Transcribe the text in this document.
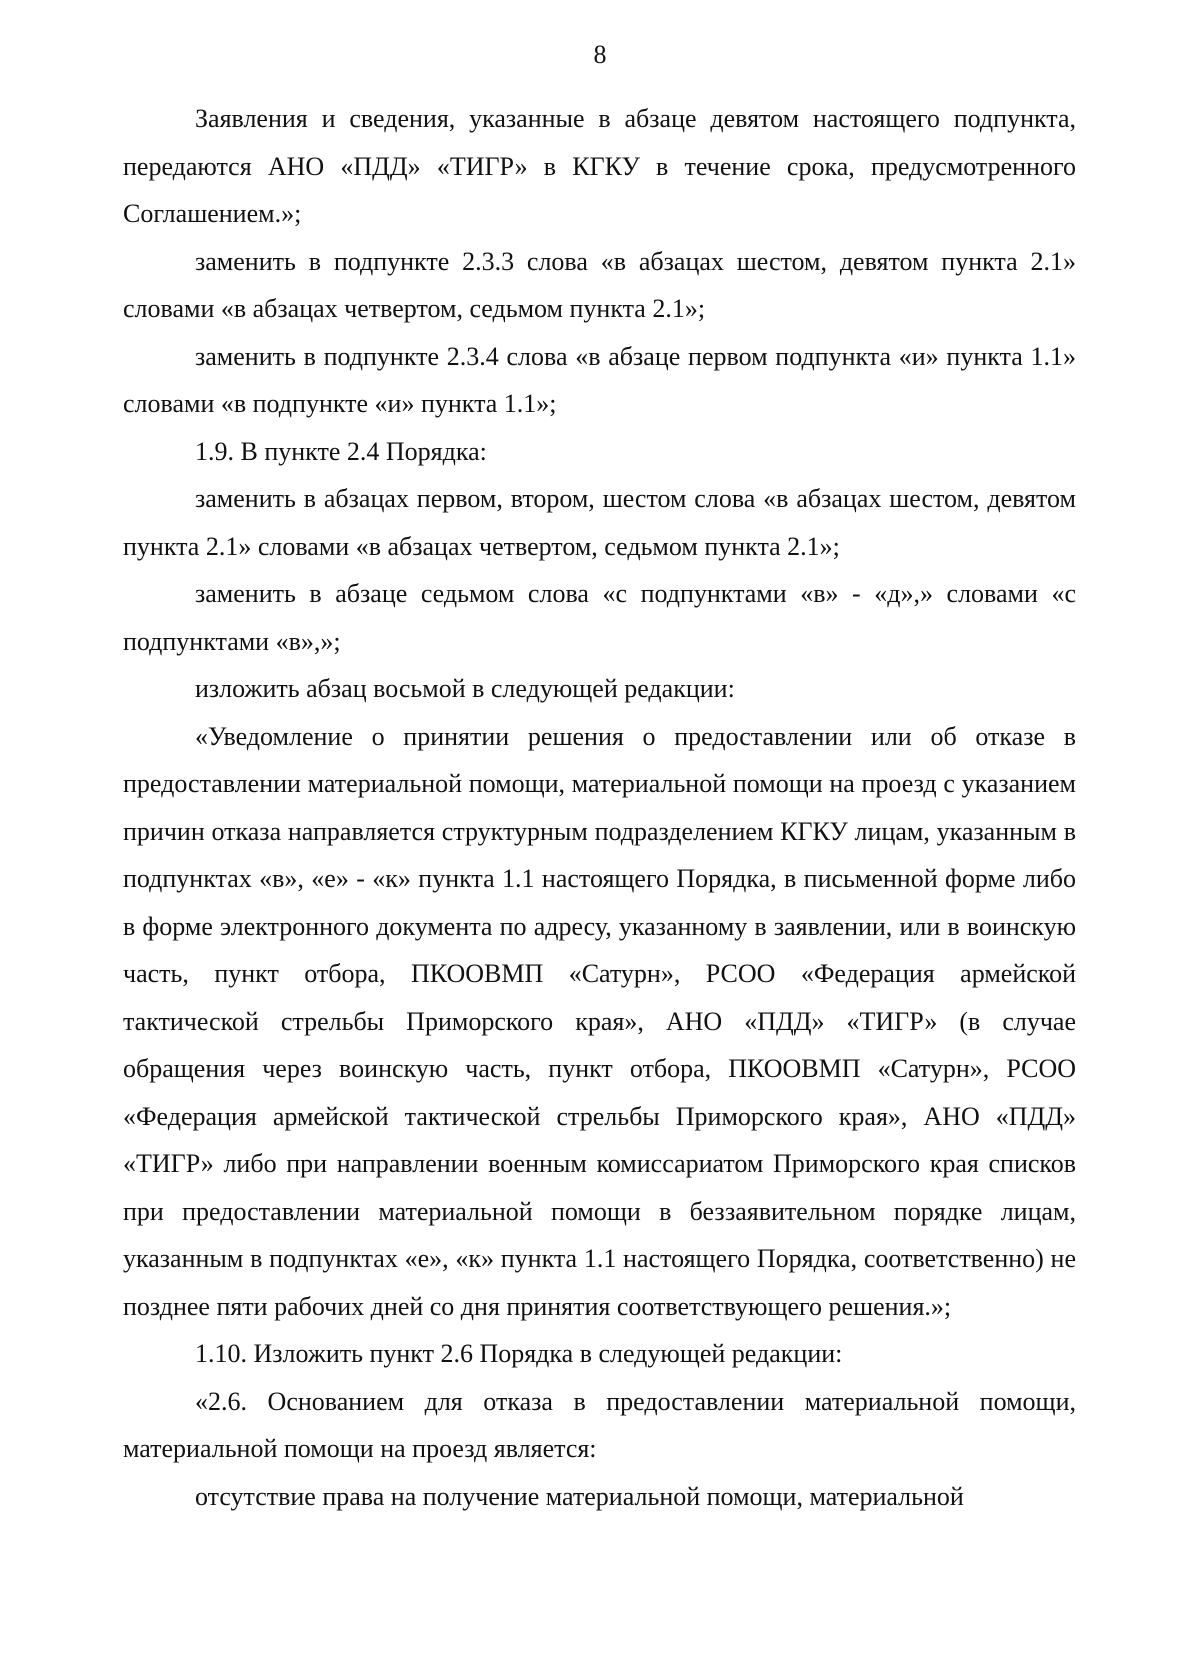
8

Заявления и сведения, указанные в абзаце девятом настоящего подпункта, передаются АНО «ПДД» «ТИГР» в КГКУ в течение срока, предусмотренного Соглашением.»;

заменить в подпункте 2.3.3 слова «в абзацах шестом, девятом пункта 2.1» словами «в абзацах четвертом, седьмом пункта 2.1»;

заменить в подпункте 2.3.4 слова «в абзаце первом подпункта «и» пункта 1.1» словами «в подпункте «и» пункта 1.1»;

1.9. В пункте 2.4 Порядка:

заменить в абзацах первом, втором, шестом слова «в абзацах шестом, девятом пункта 2.1» словами «в абзацах четвертом, седьмом пункта 2.1»;

заменить в абзаце седьмом слова «с подпунктами «в» - «д»,» словами «с подпунктами «в»,»;

изложить абзац восьмой в следующей редакции:

«Уведомление о принятии решения о предоставлении или об отказе в предоставлении материальной помощи, материальной помощи на проезд с указанием причин отказа направляется структурным подразделением КГКУ лицам, указанным в подпунктах «в», «е» - «к» пункта 1.1 настоящего Порядка, в письменной форме либо в форме электронного документа по адресу, указанному в заявлении, или в воинскую часть, пункт отбора, ПКООВМП «Сатурн», РСОО «Федерация армейской тактической стрельбы Приморского края», АНО «ПДД» «ТИГР» (в случае обращения через воинскую часть, пункт отбора, ПКООВМП «Сатурн», РСОО «Федерация армейской тактической стрельбы Приморского края», АНО «ПДД» «ТИГР» либо при направлении военным комиссариатом Приморского края списков при предоставлении материальной помощи в беззаявительном порядке лицам, указанным в подпунктах «е», «к» пункта 1.1 настоящего Порядка, соответственно) не позднее пяти рабочих дней со дня принятия соответствующего решения.»;

1.10. Изложить пункт 2.6 Порядка в следующей редакции:

«2.6. Основанием для отказа в предоставлении материальной помощи, материальной помощи на проезд является:

отсутствие права на получение материальной помощи, материальной
